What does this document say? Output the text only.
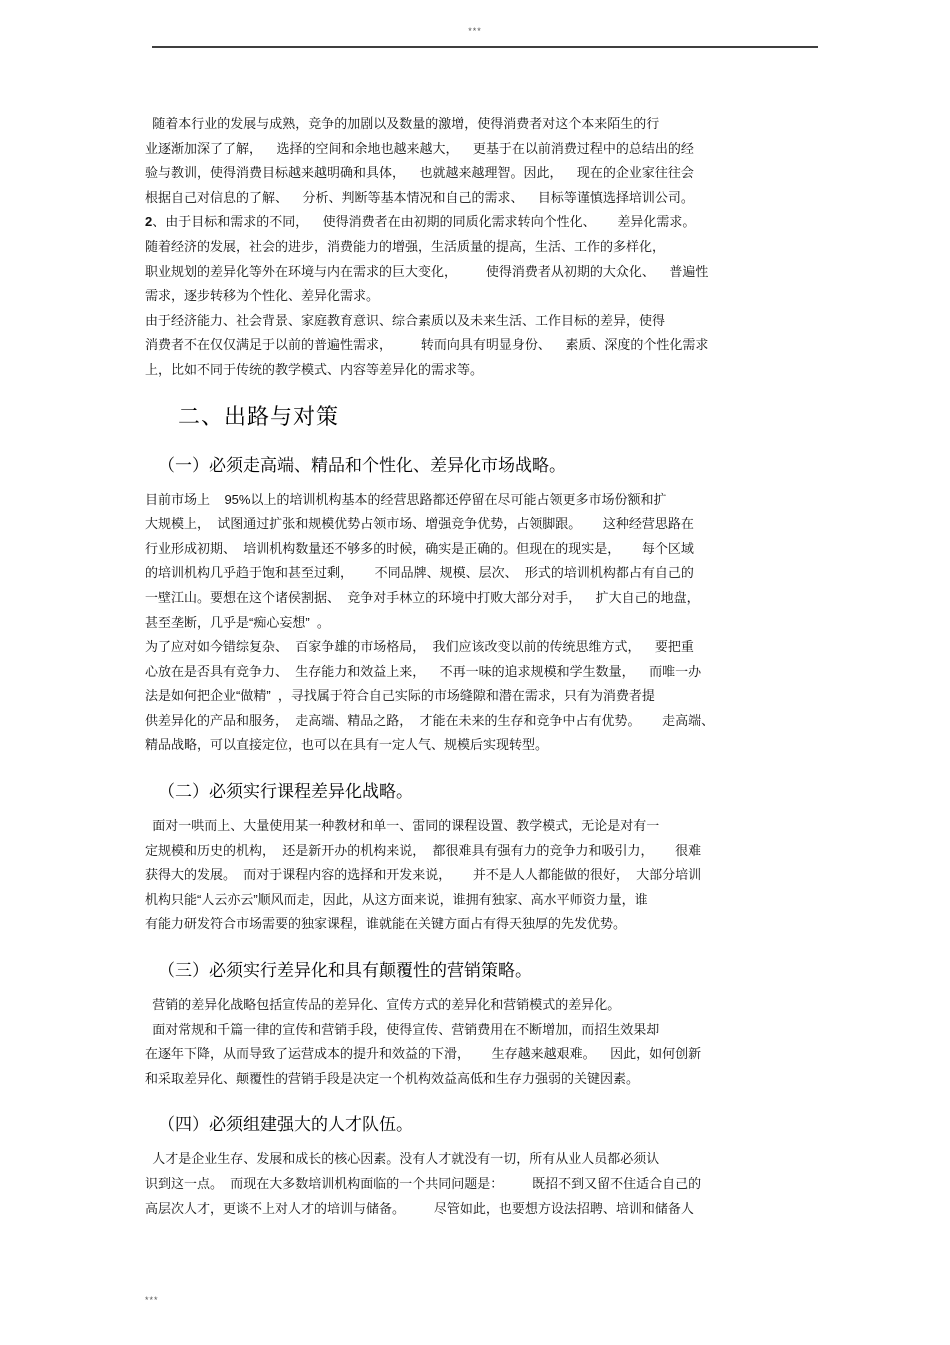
***
随着本行业的发展与成熟，竞争的加剧以及数量的激增，使得消费者对这个本来陌生的行
业逐渐加深了了解，    选择的空间和余地也越来越大，    更基于在以前消费过程中的总结出的经
验与教训，使得消费目标越来越明确和具体，    也就越来越理智。因此，    现在的企业家往往会
根据自己对信息的了解、    分析、判断等基本情况和自己的需求、    目标等谨慎选择培训公司。
2、由于目标和需求的不同，    使得消费者在由初期的同质化需求转向个性化、      差异化需求。
随着经济的发展，社会的进步，消费能力的增强，生活质量的提高，生活、工作的多样化，
职业规划的差异化等外在环境与内在需求的巨大变化，        使得消费者从初期的大众化、    普遍性
需求，逐步转移为个性化、差异化需求。
由于经济能力、社会背景、家庭教育意识、综合素质以及未来生活、工作目标的差异，使得
消费者不在仅仅满足于以前的普遍性需求，        转而向具有明显身份、    素质、深度的个性化需求
上，比如不同于传统的教学模式、内容等差异化的需求等。
二、出路与对策
（一）必须走高端、精品和个性化、差异化市场战略。
目前市场上    95%以上的培训机构基本的经营思路都还停留在尽可能占领更多市场份额和扩
大规模上，  试图通过扩张和规模优势占领市场、增强竞争优势，占领脚跟。      这种经营思路在
行业形成初期、  培训机构数量还不够多的时候，确实是正确的。但现在的现实是，      每个区域
的培训机构几乎趋于饱和甚至过剩，      不同品牌、规模、层次、  形式的培训机构都占有自己的
一壁江山。要想在这个诸侯割据、  竞争对手林立的环境中打败大部分对手，    扩大自己的地盘，
甚至垄断，几乎是“痴心妄想”  。
为了应对如今错综复杂、  百家争雄的市场格局，  我们应该改变以前的传统思维方式，    要把重
心放在是否具有竞争力、  生存能力和效益上来，    不再一味的追求规模和学生数量，    而唯一办
法是如何把企业“做精”  ，寻找属于符合自己实际的市场缝隙和潜在需求，只有为消费者提
供差异化的产品和服务，  走高端、精品之路，  才能在未来的生存和竞争中占有优势。      走高端、
精品战略，可以直接定位，也可以在具有一定人气、规模后实现转型。
（二）必须实行课程差异化战略。
面对一哄而上、大量使用某一种教材和单一、雷同的课程设置、教学模式，无论是对有一
定规模和历史的机构，  还是新开办的机构来说，  都很难具有强有力的竞争力和吸引力，      很难
获得大的发展。  而对于课程内容的选择和开发来说，      并不是人人都能做的很好，  大部分培训
机构只能“人云亦云”顺风而走，因此，从这方面来说，谁拥有独家、高水平师资力量，谁
有能力研发符合市场需要的独家课程，谁就能在关键方面占有得天独厚的先发优势。
（三）必须实行差异化和具有颠覆性的营销策略。
营销的差异化战略包括宣传品的差异化、宣传方式的差异化和营销模式的差异化。
面对常规和千篇一律的宣传和营销手段，使得宣传、营销费用在不断增加，而招生效果却
在逐年下降，从而导致了运营成本的提升和效益的下滑，      生存越来越艰难。    因此，如何创新
和采取差异化、颠覆性的营销手段是决定一个机构效益高低和生存力强弱的关键因素。
（四）必须组建强大的人才队伍。
人才是企业生存、发展和成长的核心因素。没有人才就没有一切，所有从业人员都必须认
识到这一点。  而现在大多数培训机构面临的一个共同问题是：        既招不到又留不住适合自己的
高层次人才，更谈不上对人才的培训与储备。        尽管如此，也要想方设法招聘、培训和储备人
***
